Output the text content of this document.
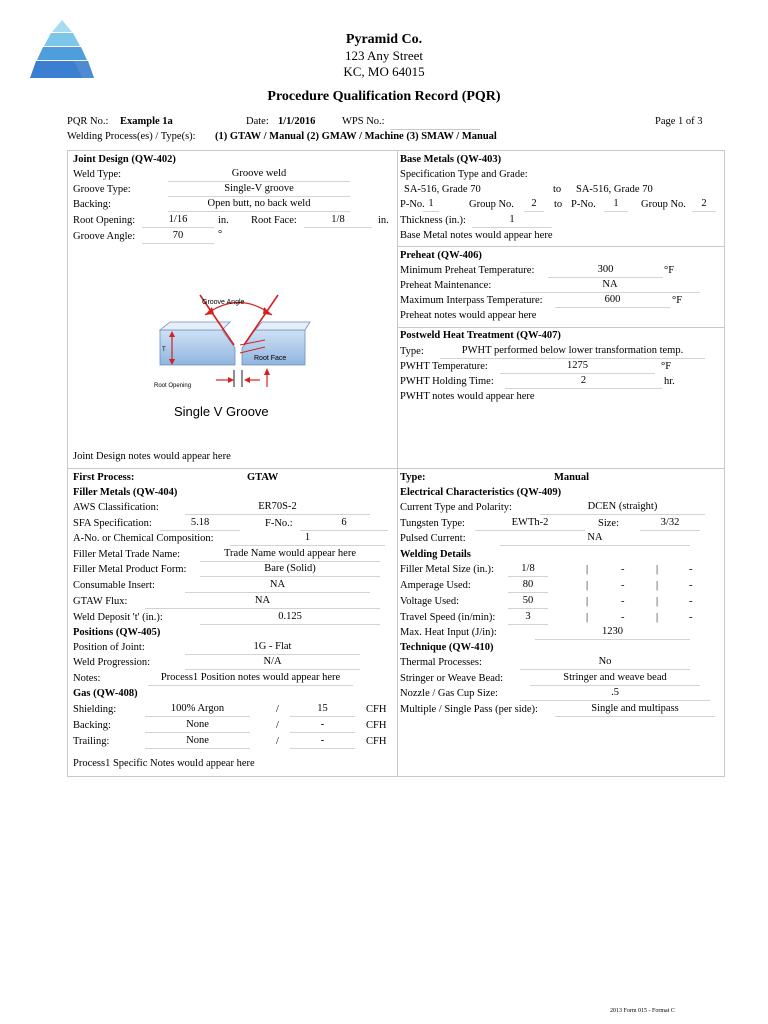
Pyramid Co.
123 Any Street
KC, MO 64015
Procedure Qualification Record (PQR)
PQR No.: Example 1a	Date: 1/1/2016	WPS No.:	Page 1 of 3
Welding Process(es) / Type(s): (1) GTAW / Manual (2) GMAW / Machine (3) SMAW / Manual
Joint Design (QW-402)
Weld Type:	Groove weld
Groove Type:	Single-V groove
Backing:	Open butt, no back weld
Root Opening:	1/16	in. Root Face:	1/8	in.
Groove Angle:	70	°
Groove Angle
T
Root Face
Root Opening
Single V Groove
Joint Design notes would appear here
Base Metals (QW-403)
Specification Type and Grade:
SA-516, Grade 70	to SA-516, Grade 70
P-No. 1	Group No.	2	to P-No.	1	Group No.	2
Thickness (in.):	1
Base Metal notes would appear here
Preheat (QW-406)
Minimum Preheat Temperature:	300	°F
Preheat Maintenance:	NA
Maximum Interpass Temperature:	600	°F
Preheat notes would appear here
Postweld Heat Treatment (QW-407)
Type:	PWHT performed below lower transformation temp.
PWHT Temperature:	1275	°F
PWHT Holding Time:	2	hr.
PWHT notes would appear here
First Process:	GTAW
Filler Metals (QW-404)
AWS Classification:	ER70S-2
SFA Specification:	5.18	F-No.:	6
A-No. or Chemical Composition:	1
Filler Metal Trade Name:	Trade Name would appear here
Filler Metal Product Form:	Bare (Solid)
Consumable Insert:	NA
GTAW Flux:	NA
Weld Deposit 't' (in.):	0.125
Positions (QW-405)
Position of Joint:	1G - Flat
Weld Progression:	N/A
Notes:	Process1 Position notes would appear here
Gas (QW-408)
Shielding:	100% Argon	/	15	CFH
Backing:	None	/	-	CFH
Trailing:	None	/	-	CFH
Process1 Specific Notes would appear here
Type:	Manual
Electrical Characteristics (QW-409)
Current Type and Polarity:	DCEN (straight)
Tungsten Type:	EWTh-2	Size:	3/32
Pulsed Current:	NA
Welding Details
Filler Metal Size (in.):	1/8	|	-	|	-
Amperage Used:	80	|	-	|	-
Voltage Used:	50	|	-	|	-
Travel Speed (in/min):	3	|	-	|	-
Max. Heat Input (J/in):	1230
Technique (QW-410)
Thermal Processes:	No
Stringer or Weave Bead:	Stringer and weave bead
Nozzle / Gas Cup Size:	.5
Multiple / Single Pass (per side):	Single and multipass
2013 Form 015 - Format C
